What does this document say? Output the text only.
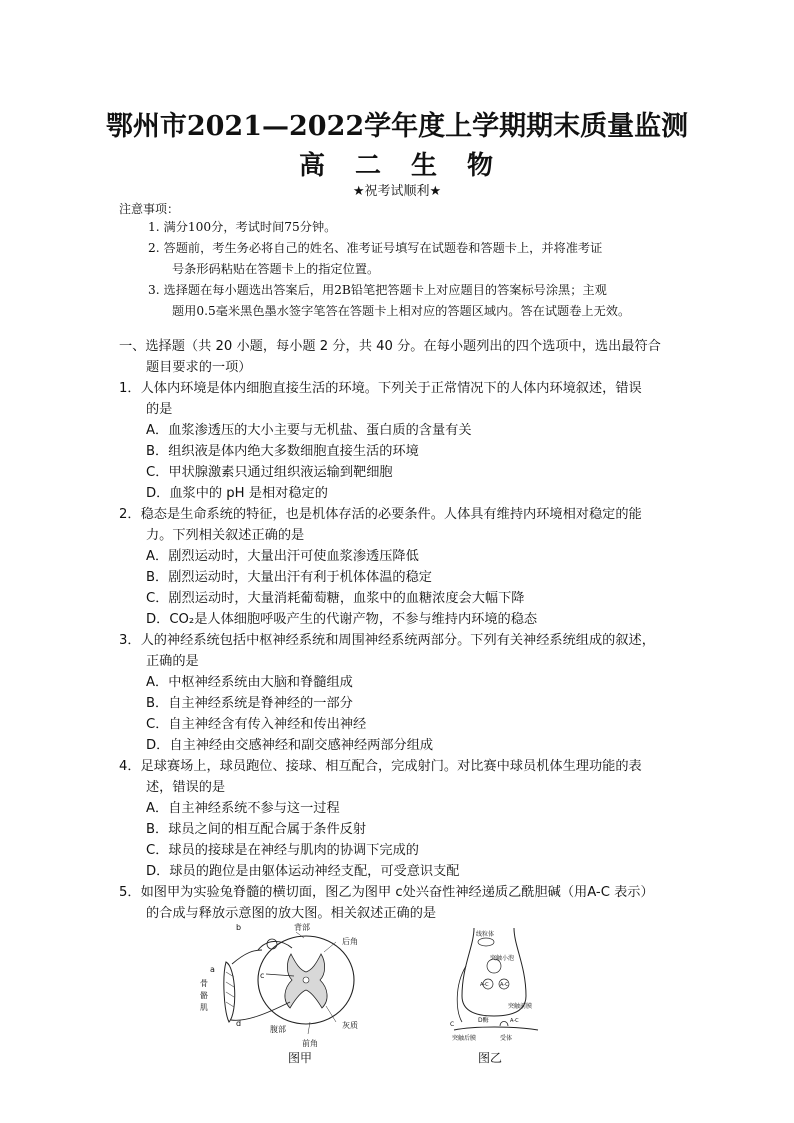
鄂州市2021—2022学年度上学期期末质量监测
高 二 生 物
★祝考试顺利★
注意事项：
1. 满分100分，考试时间75分钟。
2. 答题前，考生务必将自己的姓名、准考证号填写在试题卷和答题卡上，并将准考证
号条形码粘贴在答题卡上的指定位置。
3. 选择题在每小题选出答案后，用2B铅笔把答题卡上对应题目的答案标号涂黑；主观
题用0.5毫米黑色墨水签字笔答在答题卡上相对应的答题区域内。答在试题卷上无效。
一、选择题（共 20 小题，每小题 2 分，共 40 分。在每小题列出的四个选项中，选出最符合
题目要求的一项）
1．人体内环境是体内细胞直接生活的环境。下列关于正常情况下的人体内环境叙述，错误
的是
A．血浆渗透压的大小主要与无机盐、蛋白质的含量有关
B．组织液是体内绝大多数细胞直接生活的环境
C．甲状腺激素只通过组织液运输到靶细胞
D．血浆中的 pH 是相对稳定的
2．稳态是生命系统的特征，也是机体存活的必要条件。人体具有维持内环境相对稳定的能
力。下列相关叙述正确的是
A．剧烈运动时，大量出汗可使血浆渗透压降低
B．剧烈运动时，大量出汗有利于机体体温的稳定
C．剧烈运动时，大量消耗葡萄糖，血浆中的血糖浓度会大幅下降
D．CO₂是人体细胞呼吸产生的代谢产物，不参与维持内环境的稳态
3．人的神经系统包括中枢神经系统和周围神经系统两部分。下列有关神经系统组成的叙述，
正确的是
A．中枢神经系统由大脑和脊髓组成
B．自主神经系统是脊神经的一部分
C．自主神经含有传入神经和传出神经
D．自主神经由交感神经和副交感神经两部分组成
4．足球赛场上，球员跑位、接球、相互配合，完成射门。对比赛中球员机体生理功能的表
述，错误的是
A．自主神经系统不参与这一过程
B．球员之间的相互配合属于条件反射
C．球员的接球是在神经与肌肉的协调下完成的
D．球员的跑位是由躯体运动神经支配，可受意识支配
5．如图甲为实验兔脊髓的横切面，图乙为图甲 c处兴奋性神经递质乙酰胆碱（用A-C 表示）
的合成与释放示意图的放大图。相关叙述正确的是
b	背部
后角
a
c
骨
骼
肌
d
腹部	灰质
前角
图甲
线粒体
突触小泡
A-C A-C
突触前膜
D酶	A-C
C
突触后膜	受体
图乙
